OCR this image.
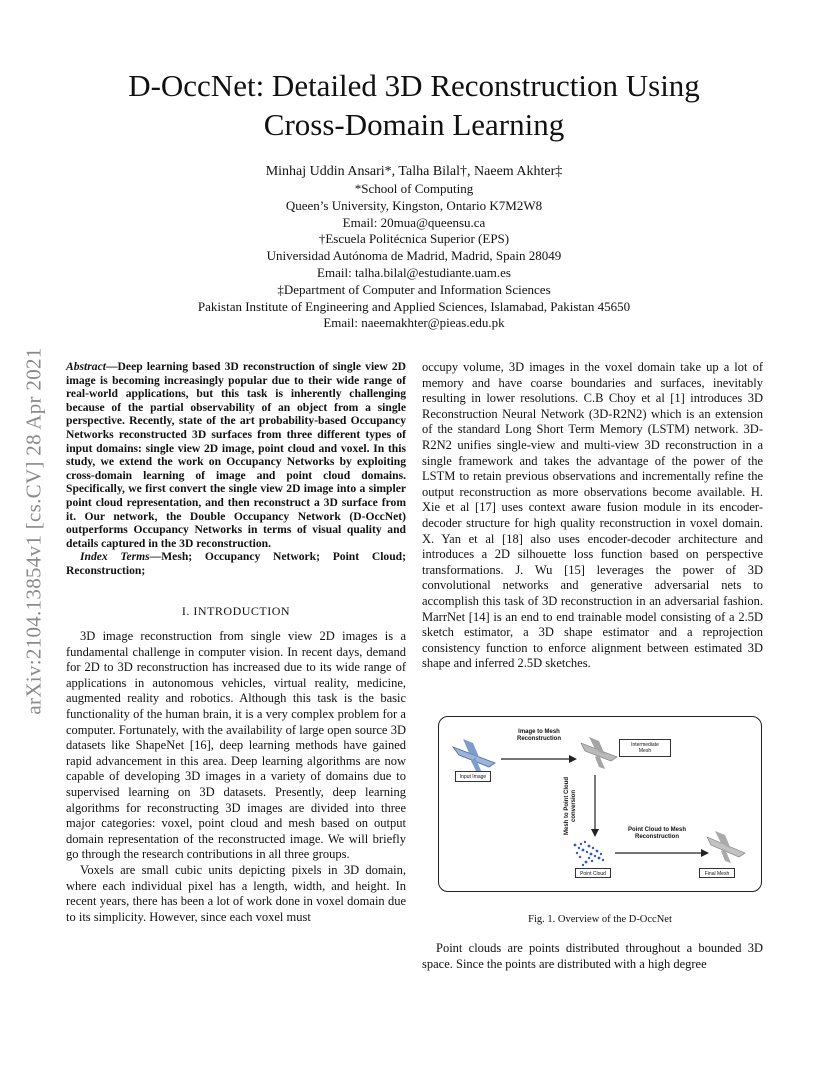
arXiv:2104.13854v1 [cs.CV] 28 Apr 2021
D-OccNet: Detailed 3D Reconstruction Using
Cross-Domain Learning
Minhaj Uddin Ansari*, Talha Bilal†, Naeem Akhter‡
*School of Computing
Queen’s University, Kingston, Ontario K7M2W8
Email: 20mua@queensu.ca
†Escuela Politécnica Superior (EPS)
Universidad Autónoma de Madrid, Madrid, Spain 28049
Email: talha.bilal@estudiante.uam.es
‡Department of Computer and Information Sciences
Pakistan Institute of Engineering and Applied Sciences, Islamabad, Pakistan 45650
Email: naeemakhter@pieas.edu.pk

Abstract—Deep learning based 3D reconstruction of single view 2D image is becoming increasingly popular due to their wide range of real-world applications, but this task is inherently challenging because of the partial observability of an object from a single perspective. Recently, state of the art probability-based Occupancy Networks reconstructed 3D surfaces from three different types of input domains: single view 2D image, point cloud and voxel. In this study, we extend the work on Occupancy Networks by exploiting cross-domain learning of image and point cloud domains. Specifically, we first convert the single view 2D image into a simpler point cloud representation, and then reconstruct a 3D surface from it. Our network, the Double Occupancy Network (D-OccNet) outperforms Occupancy Networks in terms of visual quality and details captured in the 3D reconstruction.

Index Terms—Mesh; Occupancy Network; Point Cloud; Reconstruction;

I. INTRODUCTION

3D image reconstruction from single view 2D images is a fundamental challenge in computer vision. In recent days, demand for 2D to 3D reconstruction has increased due to its wide range of applications in autonomous vehicles, virtual reality, medicine, augmented reality and robotics. Although this task is the basic functionality of the human brain, it is a very complex problem for a computer. Fortunately, with the availability of large open source 3D datasets like ShapeNet [16], deep learning methods have gained rapid advancement in this area. Deep learning algorithms are now capable of developing 3D images in a variety of domains due to supervised learning on 3D datasets. Presently, deep learning algorithms for reconstructing 3D images are divided into three major categories: voxel, point cloud and mesh based on output domain representation of the reconstructed image. We will briefly go through the research contributions in all three groups.

Voxels are small cubic units depicting pixels in 3D domain, where each individual pixel has a length, width, and height. In recent years, there has been a lot of work done in voxel domain due to its simplicity. However, since each voxel must

occupy volume, 3D images in the voxel domain take up a lot of memory and have coarse boundaries and surfaces, inevitably resulting in lower resolutions. C.B Choy et al [1] introduces 3D Reconstruction Neural Network (3D-R2N2) which is an extension of the standard Long Short Term Memory (LSTM) network. 3D-R2N2 unifies single-view and multi-view 3D reconstruction in a single framework and takes the advantage of the power of the LSTM to retain previous observations and incrementally refine the output reconstruction as more observations become available. H. Xie et al [17] uses context aware fusion module in its encoder-decoder structure for high quality reconstruction in voxel domain. X. Yan et al [18] also uses encoder-decoder architecture and introduces a 2D silhouette loss function based on perspective transformations. J. Wu [15] leverages the power of 3D convolutional networks and generative adversarial nets to accomplish this task of 3D reconstruction in an adversarial fashion. MarrNet [14] is an end to end trainable model consisting of a 2.5D sketch estimator, a 3D shape estimator and a reprojection consistency function to enforce alignment between estimated 3D shape and inferred 2.5D sketches.

Image to Mesh
Reconstruction
Intermediate
Mesh
Input Image	Mesh to Point Cloud conversion
Point Cloud to Mesh
Reconstruction
Point Cloud	Final Mesh
Fig. 1. Overview of the D-OccNet

Point clouds are points distributed throughout a bounded 3D space. Since the points are distributed with a high degree
